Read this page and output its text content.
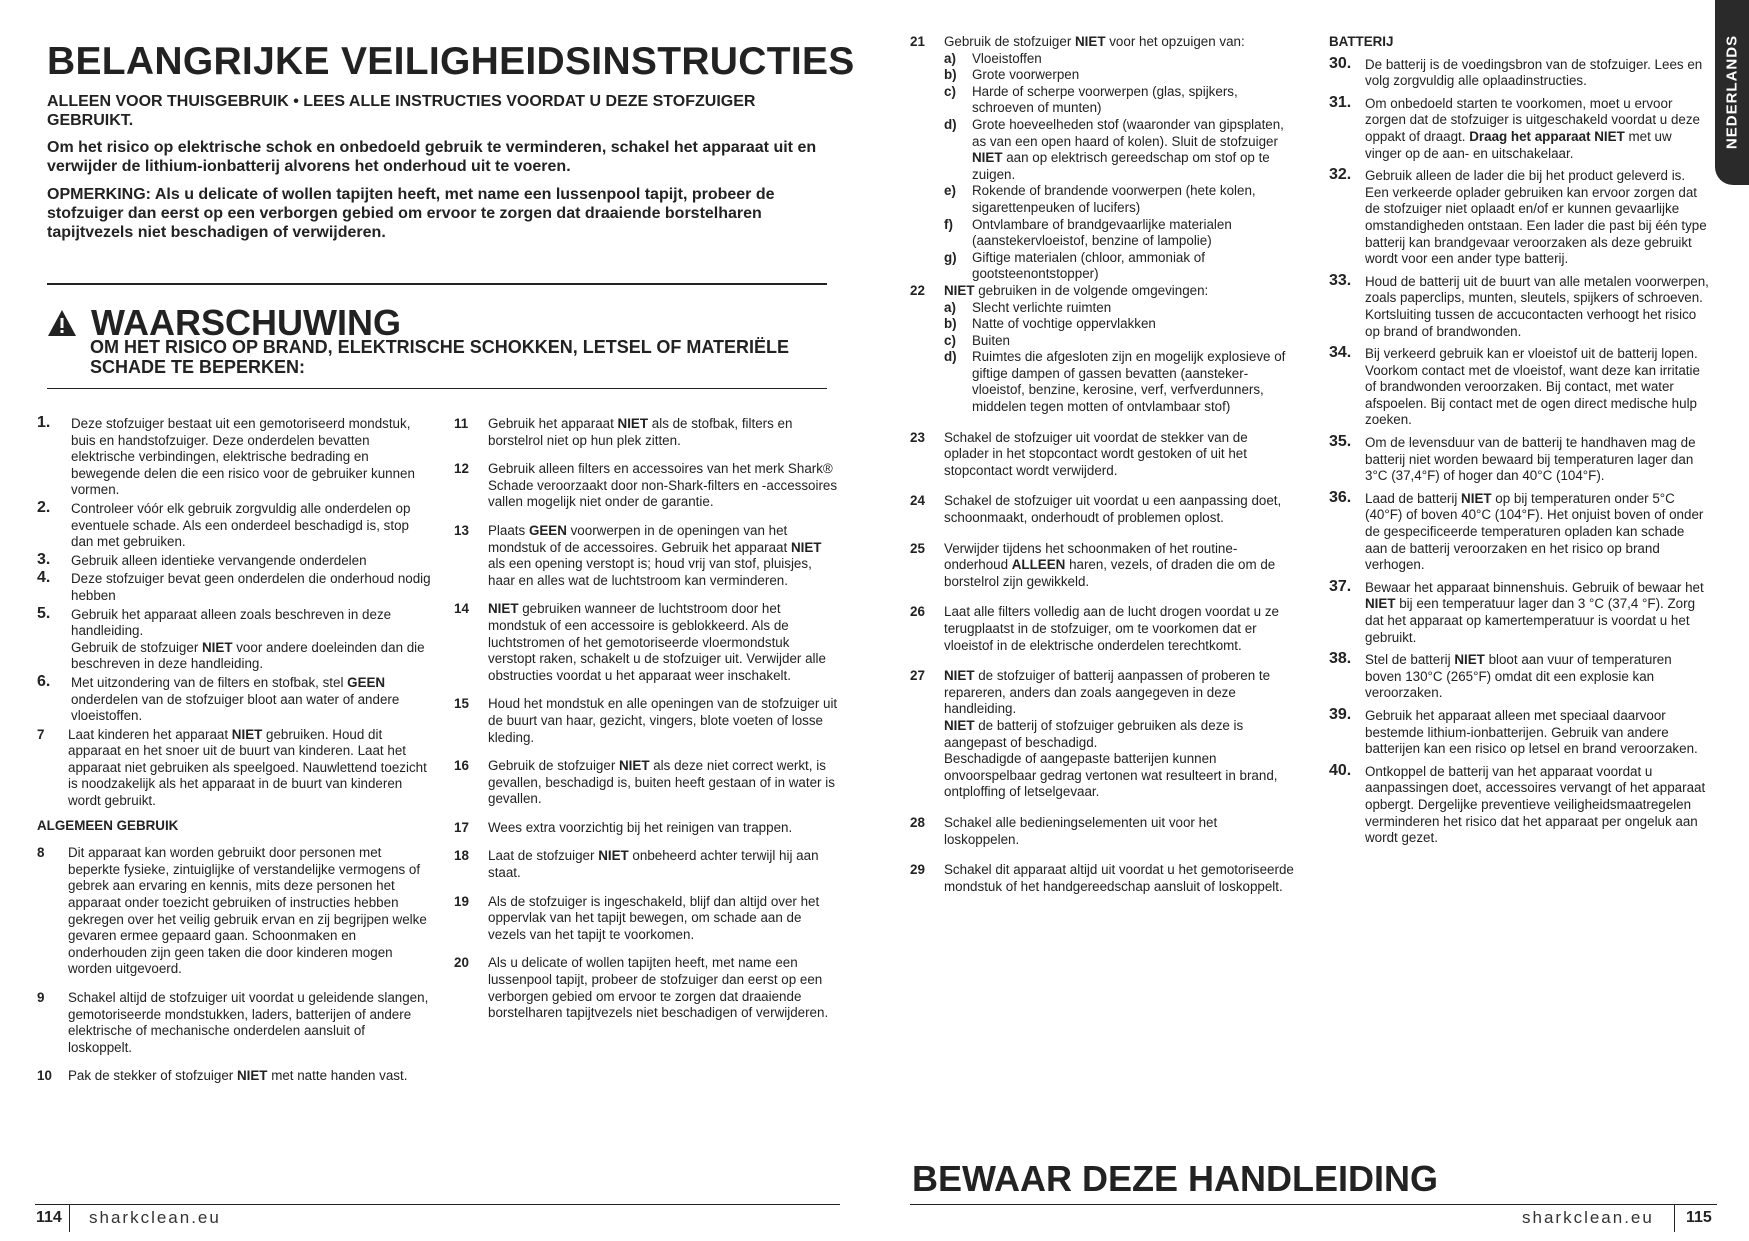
BELANGRIJKE VEILIGHEIDSINSTRUCTIES
ALLEEN VOOR THUISGEBRUIK • LEES ALLE INSTRUCTIES VOORDAT U DEZE STOFZUIGER GEBRUIKT.
Om het risico op elektrische schok en onbedoeld gebruik te verminderen, schakel het apparaat uit en verwijder de lithium-ionbatterij alvorens het onderhoud uit te voeren.
OPMERKING: Als u delicate of wollen tapijten heeft, met name een lussenpool tapijt, probeer de stofzuiger dan eerst op een verborgen gebied om ervoor te zorgen dat draaiende borstelharen tapijtvezels niet beschadigen of verwijderen.
WAARSCHUWING
OM HET RISICO OP BRAND, ELEKTRISCHE SCHOKKEN, LETSEL OF MATERIËLE SCHADE TE BEPERKEN:
1. Deze stofzuiger bestaat uit een gemotoriseerd mondstuk, buis en handstofzuiger. Deze onderdelen bevatten elektrische verbindingen, elektrische bedrading en bewegende delen die een risico voor de gebruiker kunnen vormen.

2. Controleer vóór elk gebruik zorgvuldig alle onderdelen op eventuele schade. Als een onderdeel beschadigd is, stop dan met gebruiken.

3. Gebruik alleen identieke vervangende onderdelen

4. Deze stofzuiger bevat geen onderdelen die onderhoud nodig hebben

5. Gebruik het apparaat alleen zoals beschreven in deze handleiding.

Gebruik de stofzuiger NIET voor andere doeleinden dan die beschreven in deze handleiding.

6. Met uitzondering van de filters en stofbak, stel GEEN onderdelen van de stofzuiger bloot aan water of andere vloeistoffen.

7 Laat kinderen het apparaat NIET gebruiken. Houd dit apparaat en het snoer uit de buurt van kinderen. Laat het apparaat niet gebruiken als speelgoed. Nauwlettend toezicht is noodzakelijk als het apparaat in de buurt van kinderen wordt gebruikt.

ALGEMEEN GEBRUIK
8 Dit apparaat kan worden gebruikt door personen met beperkte fysieke, zintuiglijke of verstandelijke vermogens of gebrek aan ervaring en kennis, mits deze personen het apparaat onder toezicht gebruiken of instructies hebben gekregen over het veilig gebruik ervan en zij begrijpen welke gevaren ermee gepaard gaan. Schoonmaken en onderhouden zijn geen taken die door kinderen mogen worden uitgevoerd.

9 Schakel altijd de stofzuiger uit voordat u geleidende slangen, gemotoriseerde mondstukken, laders, batterijen of andere elektrische of mechanische onderdelen aansluit of loskoppelt.

10 Pak de stekker of stofzuiger NIET met natte handen vast.

11 Gebruik het apparaat NIET als de stofbak, filters en borstelrol niet op hun plek zitten.

12 Gebruik alleen filters en accessoires van het merk Shark® Schade veroorzaakt door non-Shark-filters en -accessoires vallen mogelijk niet onder de garantie.

13 Plaats GEEN voorwerpen in de openingen van het mondstuk of de accessoires. Gebruik het apparaat NIET als een opening verstopt is; houd vrij van stof, pluisjes, haar en alles wat de luchtstroom kan verminderen.

14 NIET gebruiken wanneer de luchtstroom door het mondstuk of een accessoire is geblokkeerd. Als de luchtstromen of het gemotoriseerde vloermondstuk verstopt raken, schakelt u de stofzuiger uit. Verwijder alle obstructies voordat u het apparaat weer inschakelt.

15 Houd het mondstuk en alle openingen van de stofzuiger uit de buurt van haar, gezicht, vingers, blote voeten of losse kleding.

16 Gebruik de stofzuiger NIET als deze niet correct werkt, is gevallen, beschadigd is, buiten heeft gestaan of in water is gevallen.

17 Wees extra voorzichtig bij het reinigen van trappen.

18 Laat de stofzuiger NIET onbeheerd achter terwijl hij aan staat.

19 Als de stofzuiger is ingeschakeld, blijf dan altijd over het oppervlak van het tapijt bewegen, om schade aan de vezels van het tapijt te voorkomen.

20 Als u delicate of wollen tapijten heeft, met name een lussenpool tapijt, probeer de stofzuiger dan eerst op een verborgen gebied om ervoor te zorgen dat draaiende borstelharen tapijtvezels niet beschadigen of verwijderen.

114 sharkclean.eu
21 Gebruik de stofzuiger NIET voor het opzuigen van:

a) Vloeistoffen
b) Grote voorwerpen
c) Harde of scherpe voorwerpen (glas, spijkers, schroeven of munten)
d) Grote hoeveelheden stof (waaronder van gipsplaten, as van een open haard of kolen). Sluit de stofzuiger NIET aan op elektrisch gereedschap om stof op te zuigen.
e) Rokende of brandende voorwerpen (hete kolen, sigarettenpeuken of lucifers)
f) Ontvlambare of brandgevaarlijke materialen (aanstekervloeistof, benzine of lampolie)
g) Giftige materialen (chloor, ammoniak of gootsteenontstopper)
22 NIET gebruiken in de volgende omgevingen:

a) Slecht verlichte ruimten
b) Natte of vochtige oppervlakken
c) Buiten
d) Ruimtes die afgesloten zijn en mogelijk explosieve of giftige dampen of gassen bevatten (aanstekervloeistof, benzine, kerosine, verf, verfverdunners, middelen tegen motten of ontvlambaar stof)
23 Schakel de stofzuiger uit voordat de stekker van de oplader in het stopcontact wordt gestoken of uit het stopcontact wordt verwijderd.

24 Schakel de stofzuiger uit voordat u een aanpassing doet, schoonmaakt, onderhoudt of problemen oplost.

25 Verwijder tijdens het schoonmaken of het routine-onderhoud ALLEEN haren, vezels, of draden die om de borstelrol zijn gewikkeld.

26 Laat alle filters volledig aan de lucht drogen voordat u ze terugplaatst in de stofzuiger, om te voorkomen dat er vloeistof in de elektrische onderdelen terechtkomt.

27 NIET de stofzuiger of batterij aanpassen of proberen te repareren, anders dan zoals aangegeven in deze handleiding.

NIET de batterij of stofzuiger gebruiken als deze is aangepast of beschadigd.

Beschadigde of aangepaste batterijen kunnen onvoorspelbaar gedrag vertonen wat resulteert in brand, ontploffing of letselgevaar.

28 Schakel alle bedieningselementen uit voor het loskoppelen.

29 Schakel dit apparaat altijd uit voordat u het gemotoriseerde mondstuk of het handgereedschap aansluit of loskoppelt.

BATTERIJ
30. De batterij is de voedingsbron van de stofzuiger. Lees en volg zorgvuldig alle oplaadinstructies.

31. Om onbedoeld starten te voorkomen, moet u ervoor zorgen dat de stofzuiger is uitgeschakeld voordat u deze oppakt of draagt. Draag het apparaat NIET met uw vinger op de aan- en uitschakelaar.

32. Gebruik alleen de lader die bij het product geleverd is. Een verkeerde oplader gebruiken kan ervoor zorgen dat de stofzuiger niet oplaadt en/of er kunnen gevaarlijke omstandigheden ontstaan. Een lader die past bij één type batterij kan brandgevaar veroorzaken als deze gebruikt wordt voor een ander type batterij.

33. Houd de batterij uit de buurt van alle metalen voorwerpen, zoals paperclips, munten, sleutels, spijkers of schroeven. Kortsluiting tussen de accucontacten verhoogt het risico op brand of brandwonden.

34. Bij verkeerd gebruik kan er vloeistof uit de batterij lopen. Voorkom contact met de vloeistof, want deze kan irritatie of brandwonden veroorzaken. Bij contact, met water afspoelen. Bij contact met de ogen direct medische hulp zoeken.

35. Om de levensduur van de batterij te handhaven mag de batterij niet worden bewaard bij temperaturen lager dan 3°C (37,4°F) of hoger dan 40°C (104°F).

36. Laad de batterij NIET op bij temperaturen onder 5°C (40°F) of boven 40°C (104°F). Het onjuist boven of onder de gespecificeerde temperaturen opladen kan schade aan de batterij veroorzaken en het risico op brand verhogen.

37. Bewaar het apparaat binnenshuis. Gebruik of bewaar het NIET bij een temperatuur lager dan 3 °C (37,4 °F). Zorg dat het apparaat op kamertemperatuur is voordat u het gebruikt.

38. Stel de batterij NIET bloot aan vuur of temperaturen boven 130°C (265°F) omdat dit een explosie kan veroorzaken.

39. Gebruik het apparaat alleen met speciaal daarvoor bestemde lithium-ionbatterijen. Gebruik van andere batterijen kan een risico op letsel en brand veroorzaken.

40. Ontkoppel de batterij van het apparaat voordat u aanpassingen doet, accessoires vervangt of het apparaat opbergt. Dergelijke preventieve veiligheidsmaatregelen verminderen het risico dat het apparaat per ongeluk aan wordt gezet.

NEDERLANDS
BEWAAR DEZE HANDLEIDING
sharkclean.eu 115
